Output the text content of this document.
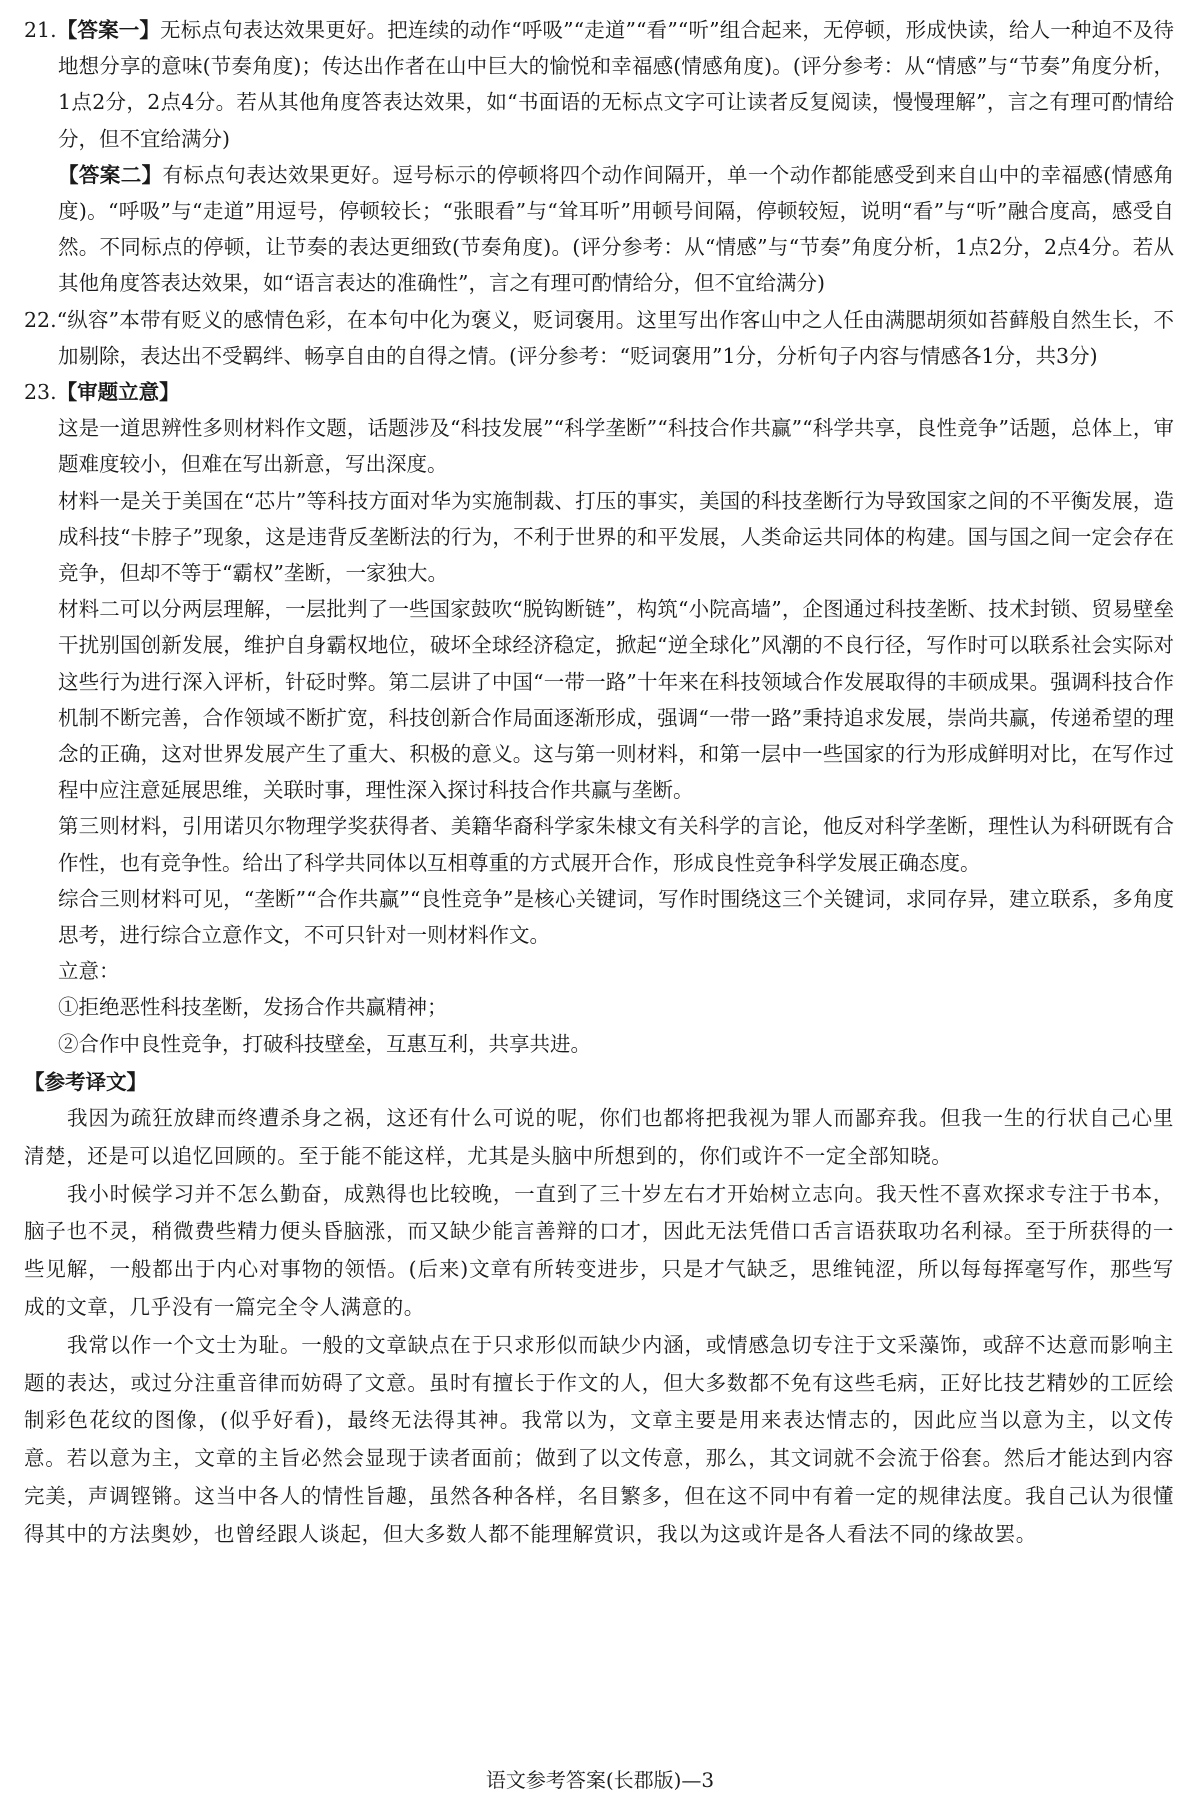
21.【答案一】无标点句表达效果更好。把连续的动作“呼吸”“走道”“看”“听”组合起来，无停顿，形成快读，给人一种迫不及待地想分享的意味(节奏角度)；传达出作者在山中巨大的愉悦和幸福感(情感角度)。(评分参考：从“情感”与“节奏”角度分析，1点2分，2点4分。若从其他角度答表达效果，如“书面语的无标点文字可让读者反复阅读，慢慢理解”，言之有理可酌情给分，但不宜给满分)

【答案二】有标点句表达效果更好。逗号标示的停顿将四个动作间隔开，单一个动作都能感受到来自山中的幸福感(情感角度)。“呼吸”与“走道”用逗号，停顿较长；“张眼看”与“耸耳听”用顿号间隔，停顿较短，说明“看”与“听”融合度高，感受自然。不同标点的停顿，让节奏的表达更细致(节奏角度)。(评分参考：从“情感”与“节奏”角度分析，1点2分，2点4分。若从其他角度答表达效果，如“语言表达的准确性”，言之有理可酌情给分，但不宜给满分)

22.“纵容”本带有贬义的感情色彩，在本句中化为褒义，贬词褒用。这里写出作客山中之人任由满腮胡须如苔藓般自然生长，不加剔除，表达出不受羁绊、畅享自由的自得之情。(评分参考：“贬词褒用”1分，分析句子内容与情感各1分，共3分)

23.【审题立意】

这是一道思辨性多则材料作文题，话题涉及“科技发展”“科学垄断”“科技合作共赢”“科学共享，良性竞争”话题，总体上，审题难度较小，但难在写出新意，写出深度。

材料一是关于美国在“芯片”等科技方面对华为实施制裁、打压的事实，美国的科技垄断行为导致国家之间的不平衡发展，造成科技“卡脖子”现象，这是违背反垄断法的行为，不利于世界的和平发展，人类命运共同体的构建。国与国之间一定会存在竞争，但却不等于“霸权”垄断，一家独大。

材料二可以分两层理解，一层批判了一些国家鼓吹“脱钩断链”，构筑“小院高墙”，企图通过科技垄断、技术封锁、贸易壁垒干扰别国创新发展，维护自身霸权地位，破坏全球经济稳定，掀起“逆全球化”风潮的不良行径，写作时可以联系社会实际对这些行为进行深入评析，针砭时弊。第二层讲了中国“一带一路”十年来在科技领域合作发展取得的丰硕成果。强调科技合作机制不断完善，合作领域不断扩宽，科技创新合作局面逐渐形成，强调“一带一路”秉持追求发展，崇尚共赢，传递希望的理念的正确，这对世界发展产生了重大、积极的意义。这与第一则材料，和第一层中一些国家的行为形成鲜明对比，在写作过程中应注意延展思维，关联时事，理性深入探讨科技合作共赢与垄断。

第三则材料，引用诺贝尔物理学奖获得者、美籍华裔科学家朱棣文有关科学的言论，他反对科学垄断，理性认为科研既有合作性，也有竞争性。给出了科学共同体以互相尊重的方式展开合作，形成良性竞争科学发展正确态度。

综合三则材料可见，“垄断”“合作共赢”“良性竞争”是核心关键词，写作时围绕这三个关键词，求同存异，建立联系，多角度思考，进行综合立意作文，不可只针对一则材料作文。

立意：

①拒绝恶性科技垄断，发扬合作共赢精神；

②合作中良性竞争，打破科技壁垒，互惠互利，共享共进。

【参考译文】

我因为疏狂放肆而终遭杀身之祸，这还有什么可说的呢，你们也都将把我视为罪人而鄙弃我。但我一生的行状自己心里清楚，还是可以追忆回顾的。至于能不能这样，尤其是头脑中所想到的，你们或许不一定全部知晓。

我小时候学习并不怎么勤奋，成熟得也比较晚，一直到了三十岁左右才开始树立志向。我天性不喜欢探求专注于书本，脑子也不灵，稍微费些精力便头昏脑涨，而又缺少能言善辩的口才，因此无法凭借口舌言语获取功名利禄。至于所获得的一些见解，一般都出于内心对事物的领悟。(后来)文章有所转变进步，只是才气缺乏，思维钝涩，所以每每挥毫写作，那些写成的文章，几乎没有一篇完全令人满意的。

我常以作一个文士为耻。一般的文章缺点在于只求形似而缺少内涵，或情感急切专注于文采藻饰，或辞不达意而影响主题的表达，或过分注重音律而妨碍了文意。虽时有擅长于作文的人，但大多数都不免有这些毛病，正好比技艺精妙的工匠绘制彩色花纹的图像，(似乎好看)，最终无法得其神。我常以为，文章主要是用来表达情志的，因此应当以意为主，以文传意。若以意为主，文章的主旨必然会显现于读者面前；做到了以文传意，那么，其文词就不会流于俗套。然后才能达到内容完美，声调铿锵。这当中各人的情性旨趣，虽然各种各样，名目繁多，但在这不同中有着一定的规律法度。我自己认为很懂得其中的方法奥妙，也曾经跟人谈起，但大多数人都不能理解赏识，我以为这或许是各人看法不同的缘故罢。

语文参考答案(长郡版)—3
